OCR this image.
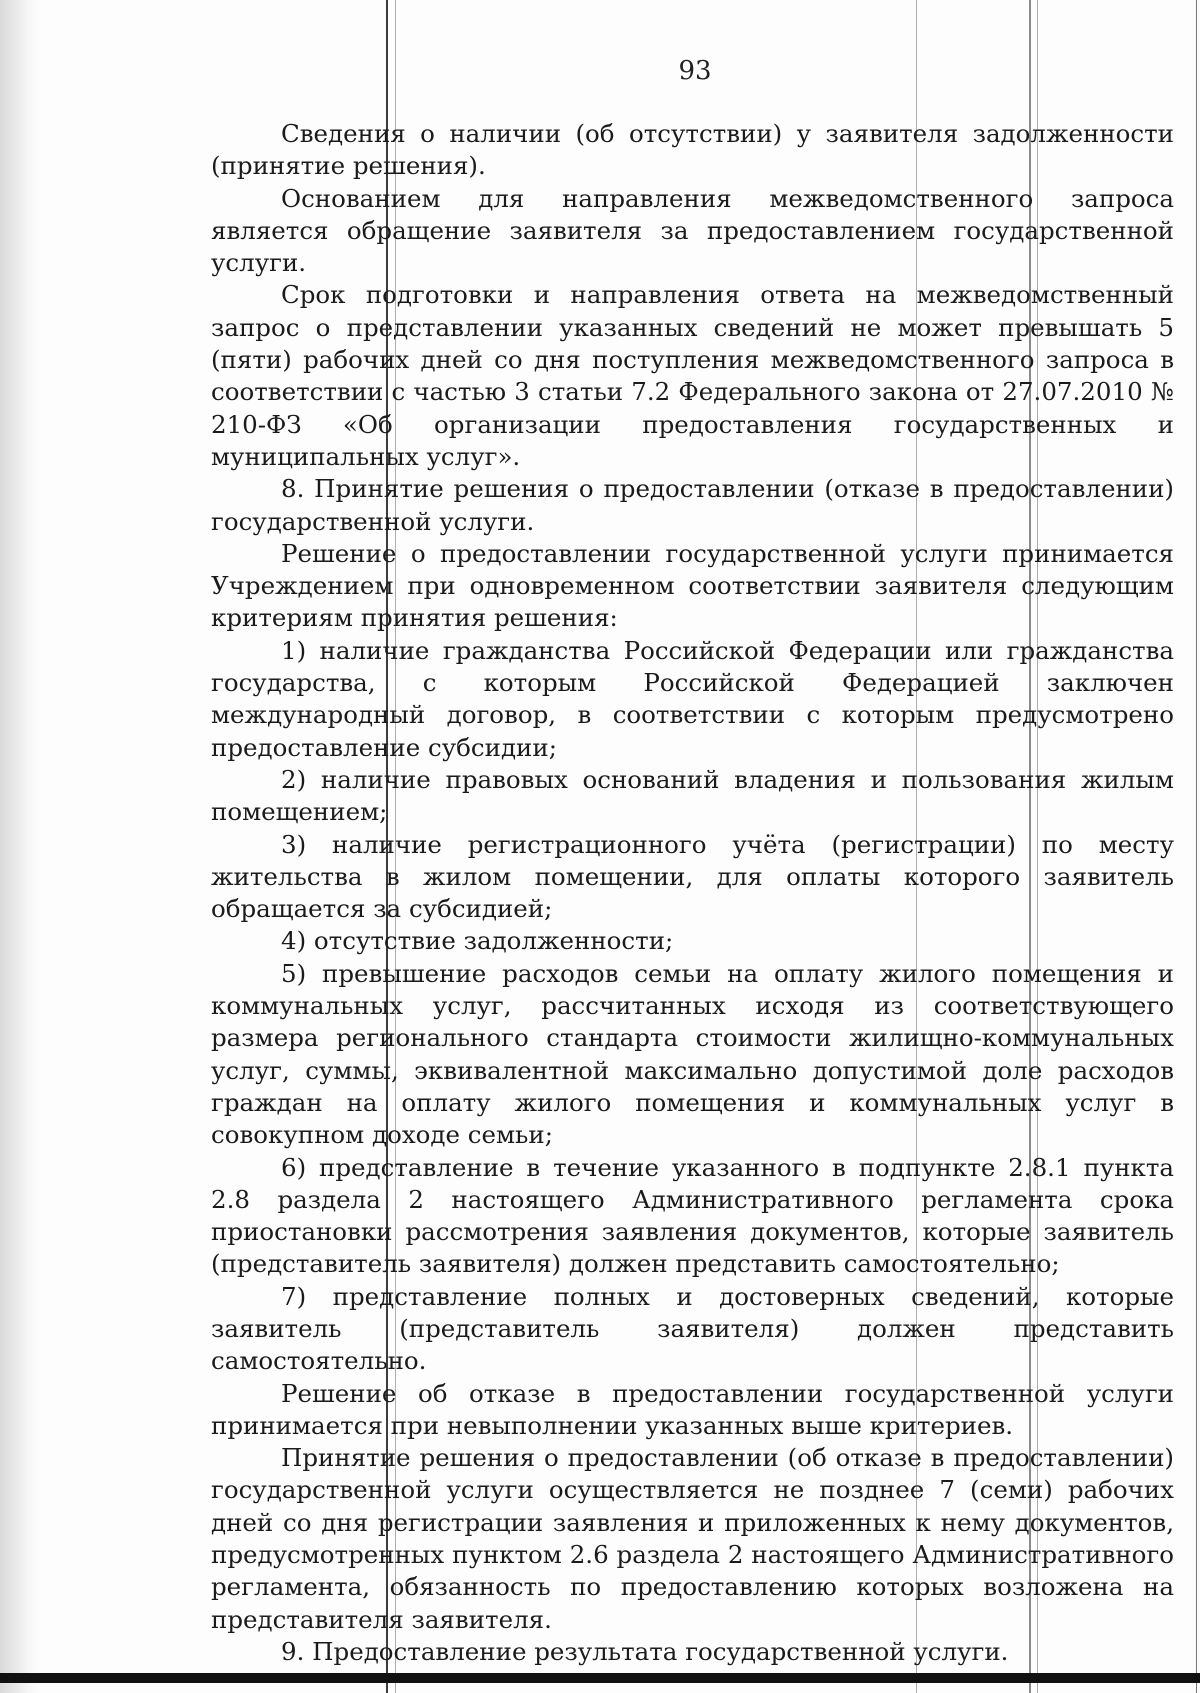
93

Сведения о наличии (об отсутствии) у заявителя задолженности (принятие решения).

Основанием для направления межведомственного запроса является обращение заявителя за предоставлением государственной услуги.

Срок подготовки и направления ответа на межведомственный запрос о представлении указанных сведений не может превышать 5 (пяти) рабочих дней со дня поступления межведомственного запроса в соответствии с частью 3 статьи 7.2 Федерального закона от 27.07.2010 № 210-ФЗ «Об организации предоставления государственных и муниципальных услуг».

8. Принятие решения о предоставлении (отказе в предоставлении) государственной услуги.

Решение о предоставлении государственной услуги принимается Учреждением при одновременном соответствии заявителя следующим критериям принятия решения:

1) наличие гражданства Российской Федерации или гражданства государства, с которым Российской Федерацией заключен международный договор, в соответствии с которым предусмотрено предоставление субсидии;

2) наличие правовых оснований владения и пользования жилым помещением;

3) наличие регистрационного учёта (регистрации) по месту жительства в жилом помещении, для оплаты которого заявитель обращается за субсидией;

4) отсутствие задолженности;

5) превышение расходов семьи на оплату жилого помещения и коммунальных услуг, рассчитанных исходя из соответствующего размера регионального стандарта стоимости жилищно-коммунальных услуг, суммы, эквивалентной максимально допустимой доле расходов граждан на оплату жилого помещения и коммунальных услуг в совокупном доходе семьи;

6) представление в течение указанного в подпункте 2.8.1 пункта 2.8 раздела 2 настоящего Административного регламента срока приостановки рассмотрения заявления документов, которые заявитель (представитель заявителя) должен представить самостоятельно;

7) представление полных и достоверных сведений, которые заявитель (представитель заявителя) должен представить самостоятельно.

Решение об отказе в предоставлении государственной услуги принимается при невыполнении указанных выше критериев.

Принятие решения о предоставлении (об отказе в предоставлении) государственной услуги осуществляется не позднее 7 (семи) рабочих дней со дня регистрации заявления и приложенных к нему документов, предусмотренных пунктом 2.6 раздела 2 настоящего Административного регламента, обязанность по предоставлению которых возложена на представителя заявителя.

9. Предоставление результата государственной услуги.
